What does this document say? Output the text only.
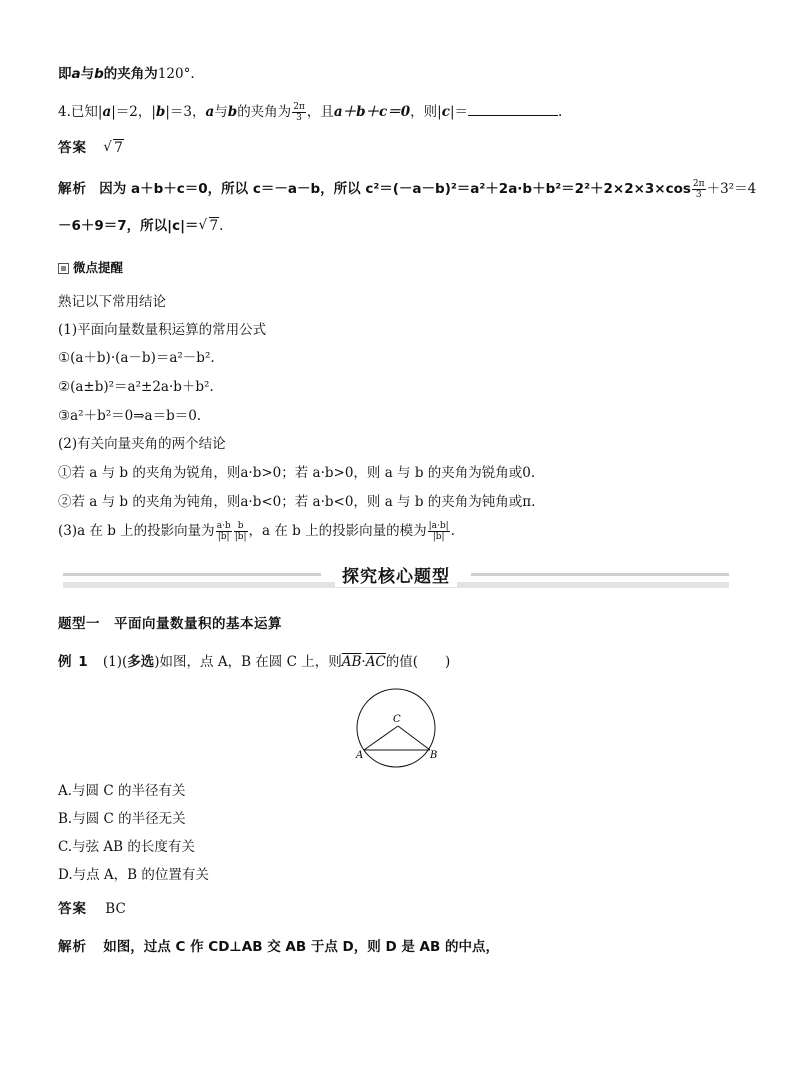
即a与b的夹角为120°.
4.已知|a|＝2，|b|＝3，a与b的夹角为 $\frac{2\pi}{3}$ ，且a＋b＋c＝0，则|c|＝	.
答案 √ 7
解析 因为 a＋b＋c＝0，所以 c＝－a－b，所以 $c^2=(-a-b)^2=a^2+2a\cdot b+b^2=2^2+2\times 2\times 3\times\cos \frac{2\pi}{3} +3^2=4$
－6＋9＝7，所以|c|＝ √ 7.
微点提醒
熟记以下常用结论
(1)平面向量数量积运算的常用公式
①(a＋b)·(a－b)＝a²－b².
②(a±b)²＝a²±2a·b＋b².
③a²＋b²＝0⇒a＝b＝0.
(2)有关向量夹角的两个结论
①若 a 与 b 的夹角为锐角，则a·b>0；若 a·b>0，则 a 与 b 的夹角为锐角或0.
②若 a 与 b 的夹角为钝角，则a·b<0；若 a·b<0，则 a 与 b 的夹角为钝角或π.
(3)a 在 b 上的投影向量为 $\frac{a\cdot b}{|b|} \frac{b}{|b|}$ ，a 在 b 上的投影向量的模为 $\frac{|a\cdot b|}{|b|}$ .
探究核心题型
题型一　平面向量数量积的基本运算
例 1 (1)(多选)如图，点 A，B 在圆 C 上，则$\overline{AB}\cdot\overline{AC}$的值(　　)
C
A	B
A.与圆 C 的半径有关
B.与圆 C 的半径无关
C.与弦 AB 的长度有关
D.与点 A，B 的位置有关
答案 BC
解析 如图，过点 C 作 CD⊥AB 交 AB 于点 D，则 D 是 AB 的中点，
